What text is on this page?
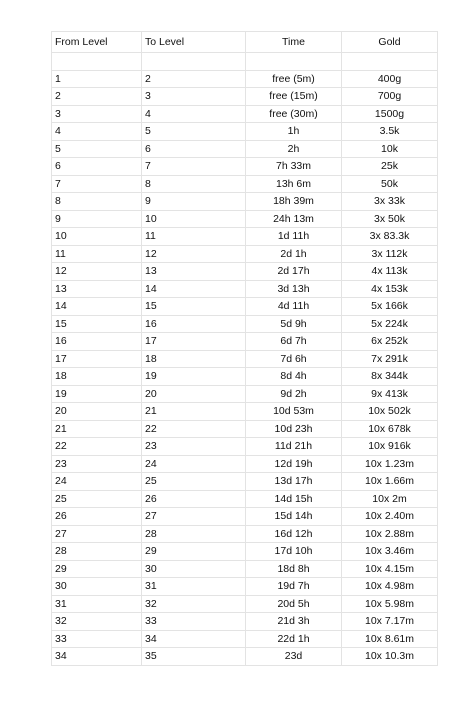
From Level	To Level	Time	Gold

1	2	free (5m)	400g
2	3	free (15m)	700g
3	4	free (30m)	1500g
4	5	1h	3.5k
5	6	2h	10k
6	7	7h 33m	25k
7	8	13h 6m	50k
8	9	18h 39m	3x 33k
9	10	24h 13m	3x 50k
10	11	1d 11h	3x 83.3k
11	12	2d 1h	3x 112k
12	13	2d 17h	4x 113k
13	14	3d 13h	4x 153k
14	15	4d 11h	5x 166k
15	16	5d 9h	5x 224k
16	17	6d 7h	6x 252k
17	18	7d 6h	7x 291k
18	19	8d 4h	8x 344k
19	20	9d 2h	9x 413k
20	21	10d 53m	10x 502k
21	22	10d 23h	10x 678k
22	23	11d 21h	10x 916k
23	24	12d 19h	10x 1.23m
24	25	13d 17h	10x 1.66m
25	26	14d 15h	10x 2m
26	27	15d 14h	10x 2.40m
27	28	16d 12h	10x 2.88m
28	29	17d 10h	10x 3.46m
29	30	18d 8h	10x 4.15m
30	31	19d 7h	10x 4.98m
31	32	20d 5h	10x 5.98m
32	33	21d 3h	10x 7.17m
33	34	22d 1h	10x 8.61m
34	35	23d	10x 10.3m
